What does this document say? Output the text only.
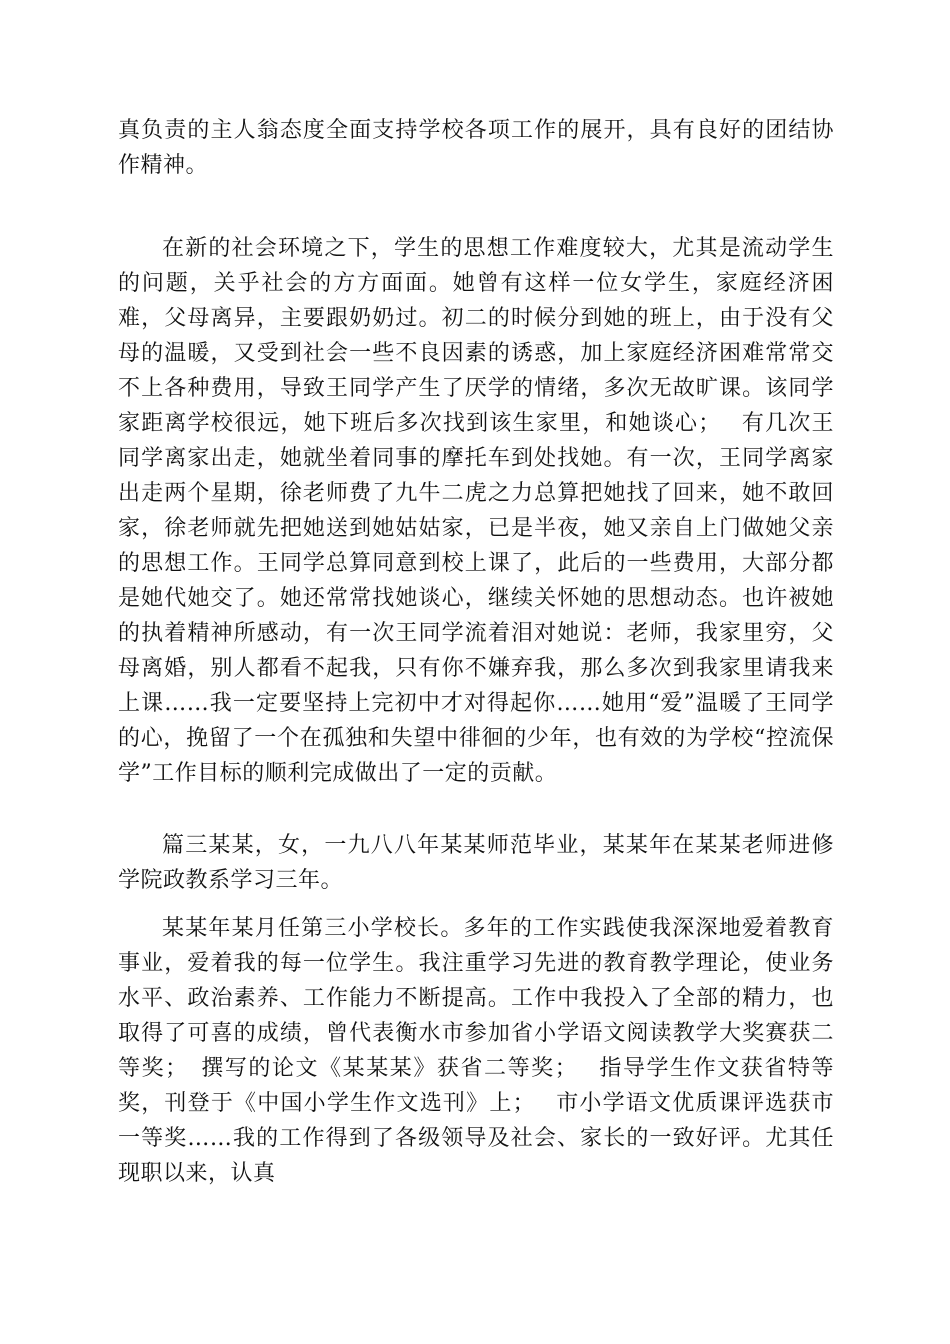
真负责的主人翁态度全面支持学校各项工作的展开，具有良好的团结协作精神。

在新的社会环境之下，学生的思想工作难度较大，尤其是流动学生的问题，关乎社会的方方面面。她曾有这样一位女学生，家庭经济困难，父母离异，主要跟奶奶过。初二的时候分到她的班上，由于没有父母的温暖，又受到社会一些不良因素的诱惑，加上家庭经济困难常常交不上各种费用，导致王同学产生了厌学的情绪，多次无故旷课。该同学家距离学校很远，她下班后多次找到该生家里，和她谈心；　 有几次王同学离家出走，她就坐着同事的摩托车到处找她。有一次，王同学离家出走两个星期，徐老师费了九牛二虎之力总算把她找了回来，她不敢回家，徐老师就先把她送到她姑姑家，已是半夜，她又亲自上门做她父亲的思想工作。王同学总算同意到校上课了，此后的一些费用，大部分都是她代她交了。她还常常找她谈心，继续关怀她的思想动态。也许被她的执着精神所感动，有一次王同学流着泪对她说：老师，我家里穷，父母离婚，别人都看不起我，只有你不嫌弃我，那么多次到我家里请我来上课……我一定要坚持上完初中才对得起你……她用“爱”温暖了王同学的心，挽留了一个在孤独和失望中徘徊的少年，也有效的为学校“控流保学”工作目标的顺利完成做出了一定的贡献。

篇三某某，女，一九八八年某某师范毕业，某某年在某某老师进修学院政教系学习三年。

某某年某月任第三小学校长。多年的工作实践使我深深地爱着教育事业，爱着我的每一位学生。我注重学习先进的教育教学理论，使业务水平、政治素养、工作能力不断提高。工作中我投入了全部的精力，也取得了可喜的成绩，曾代表衡水市参加省小学语文阅读教学大奖赛获二等奖；　撰写的论文《某某某》获省二等奖；　 指导学生作文获省特等奖，刊登于《中国小学生作文选刊》上；　 市小学语文优质课评选获市一等奖……我的工作得到了各级领导及社会、家长的一致好评。尤其任现职以来，认真
